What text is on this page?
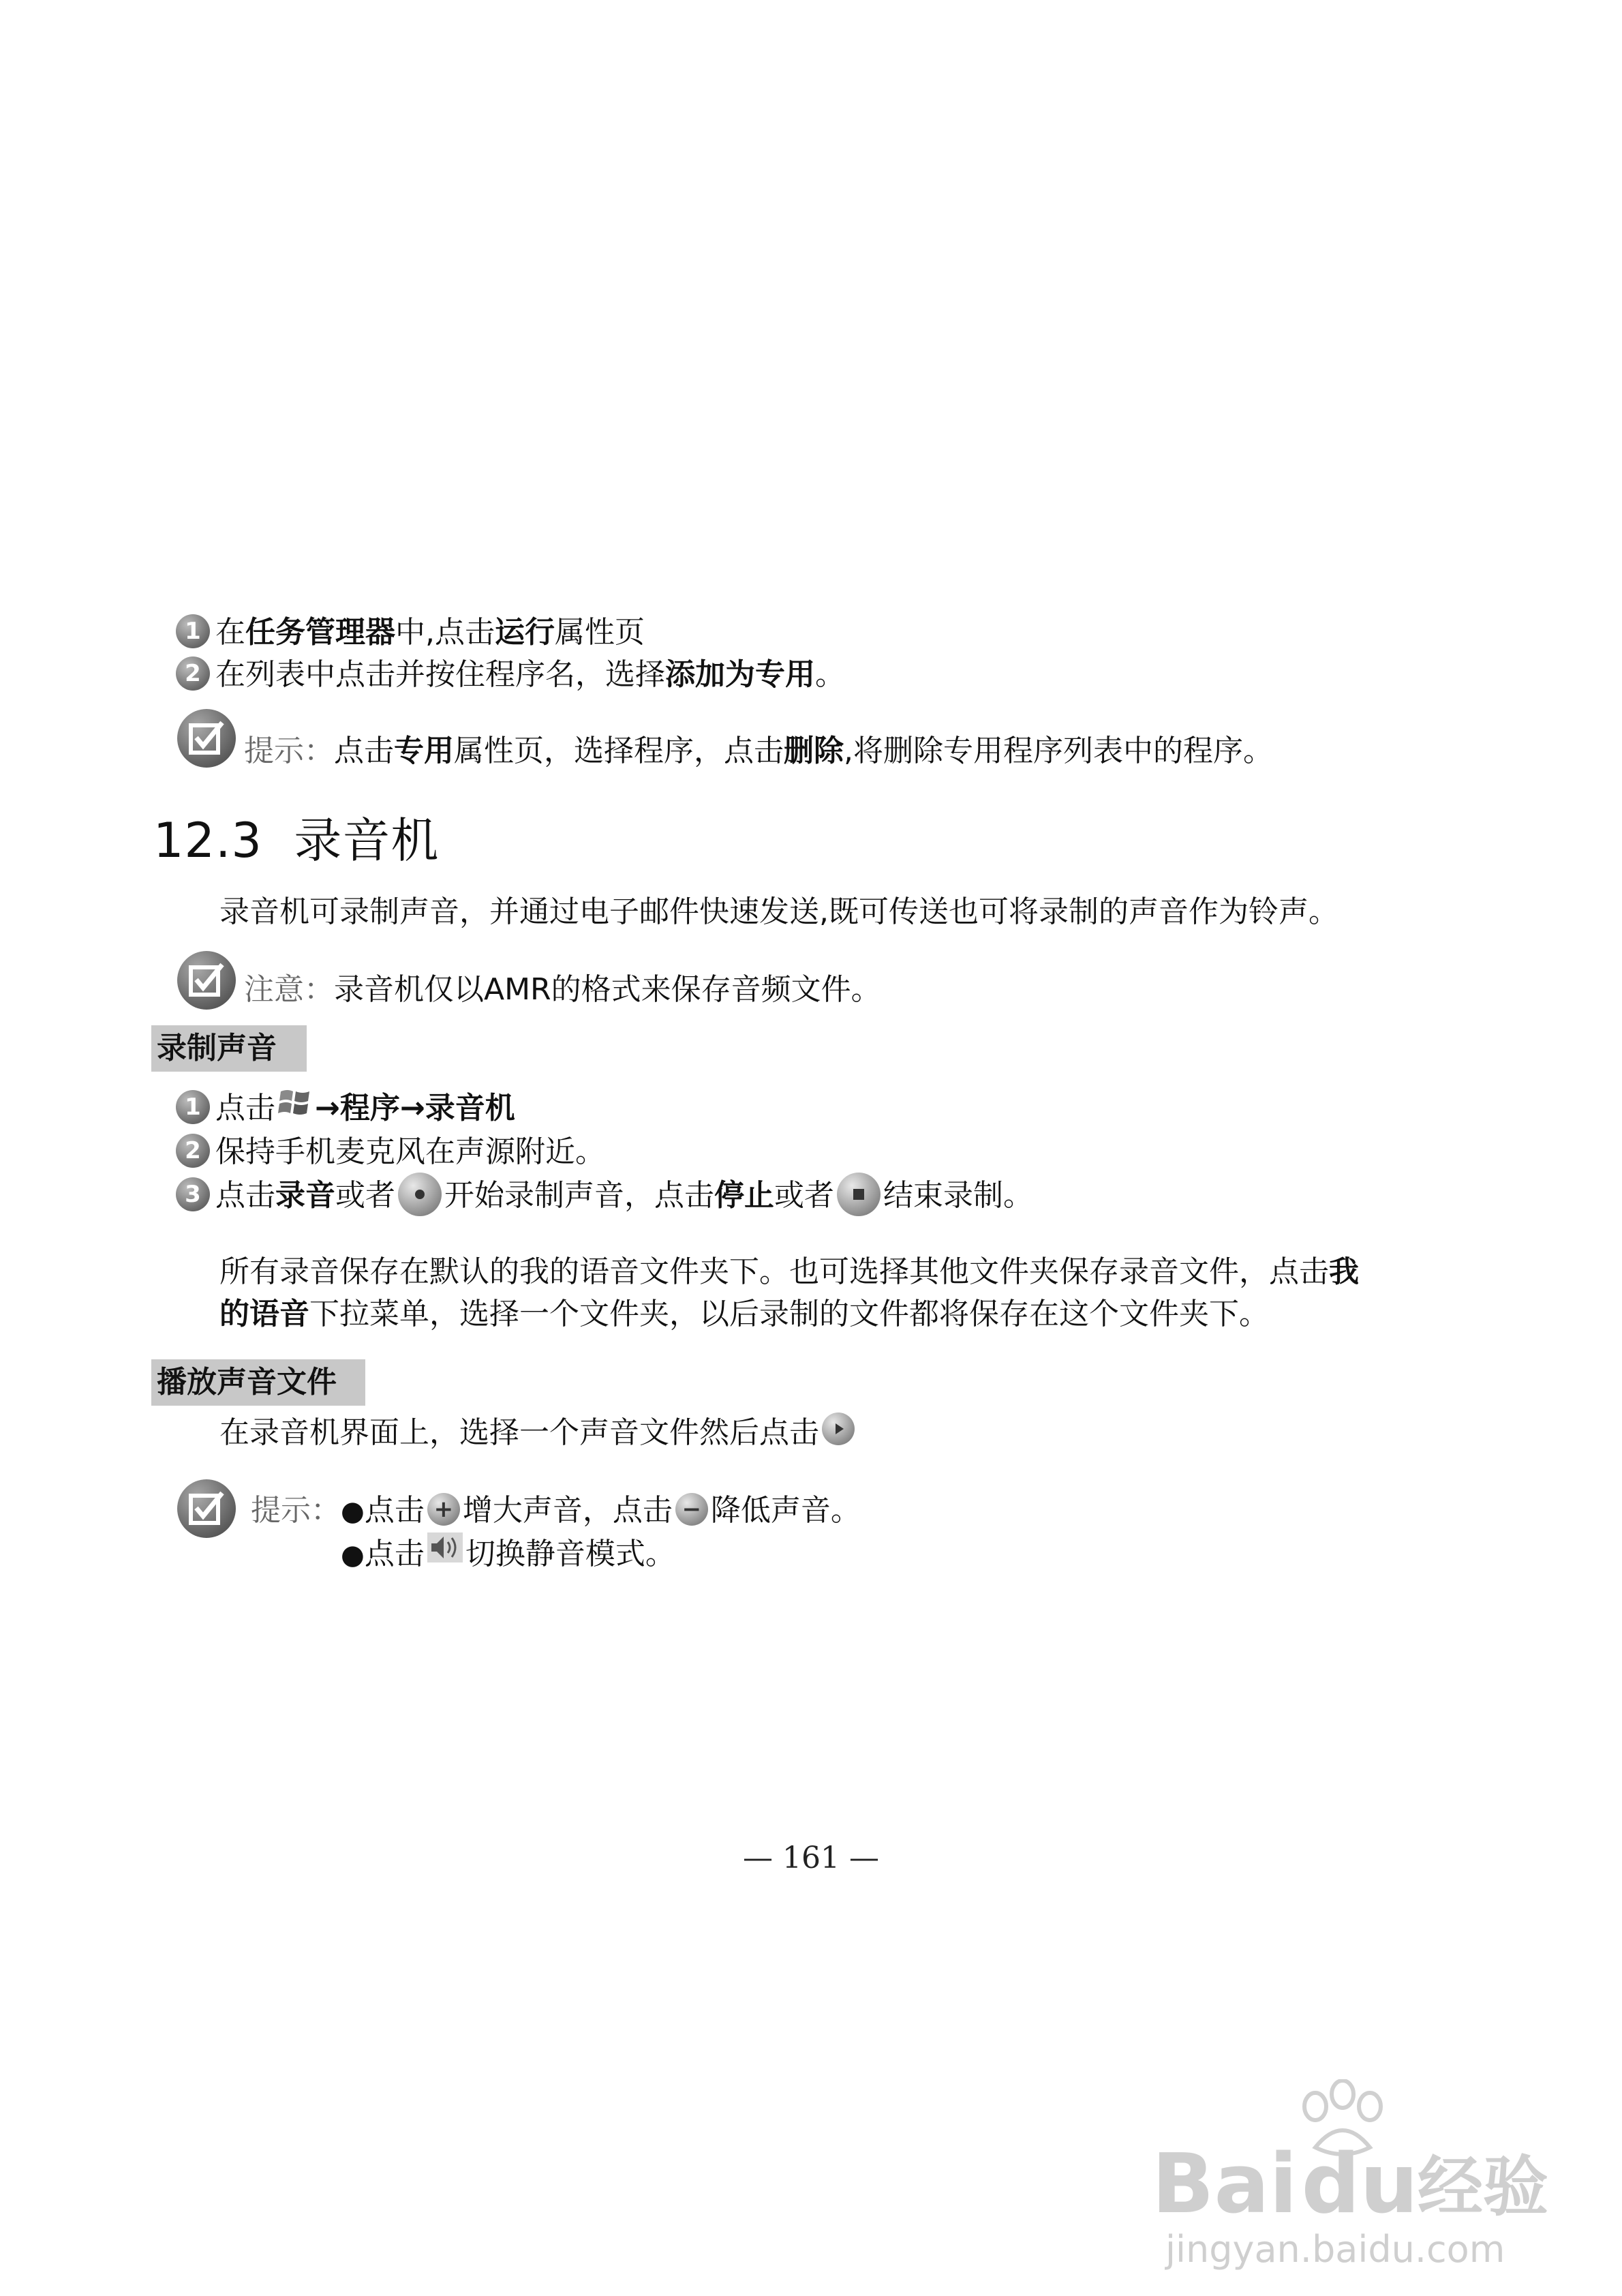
1 在任务管理器中,点击运行属性页
2 在列表中点击并按住程序名，选择添加为专用。
提示：点击专用属性页，选择程序，点击删除,将删除专用程序列表中的程序。
12.3 录音机
录音机可录制声音，并通过电子邮件快速发送,既可传送也可将录制的声音作为铃声。
注意：录音机仅以AMR的格式来保存音频文件。
录制声音
1 点击 →程序→录音机
2 保持手机麦克风在声源附近。
3 点击录音或者 开始录制声音，点击停止或者 结束录制。
所有录音保存在默认的我的语音文件夹下。也可选择其他文件夹保存录音文件，点击我
的语音下拉菜单，选择一个文件夹，以后录制的文件都将保存在这个文件夹下。
播放声音文件
在录音机界面上，选择一个声音文件然后点击
提示：●点击 + 增大声音，点击 − 降低声音。
●点击 切换静音模式。
— 161 —
Baidu 经验
jingyan.baidu.com
